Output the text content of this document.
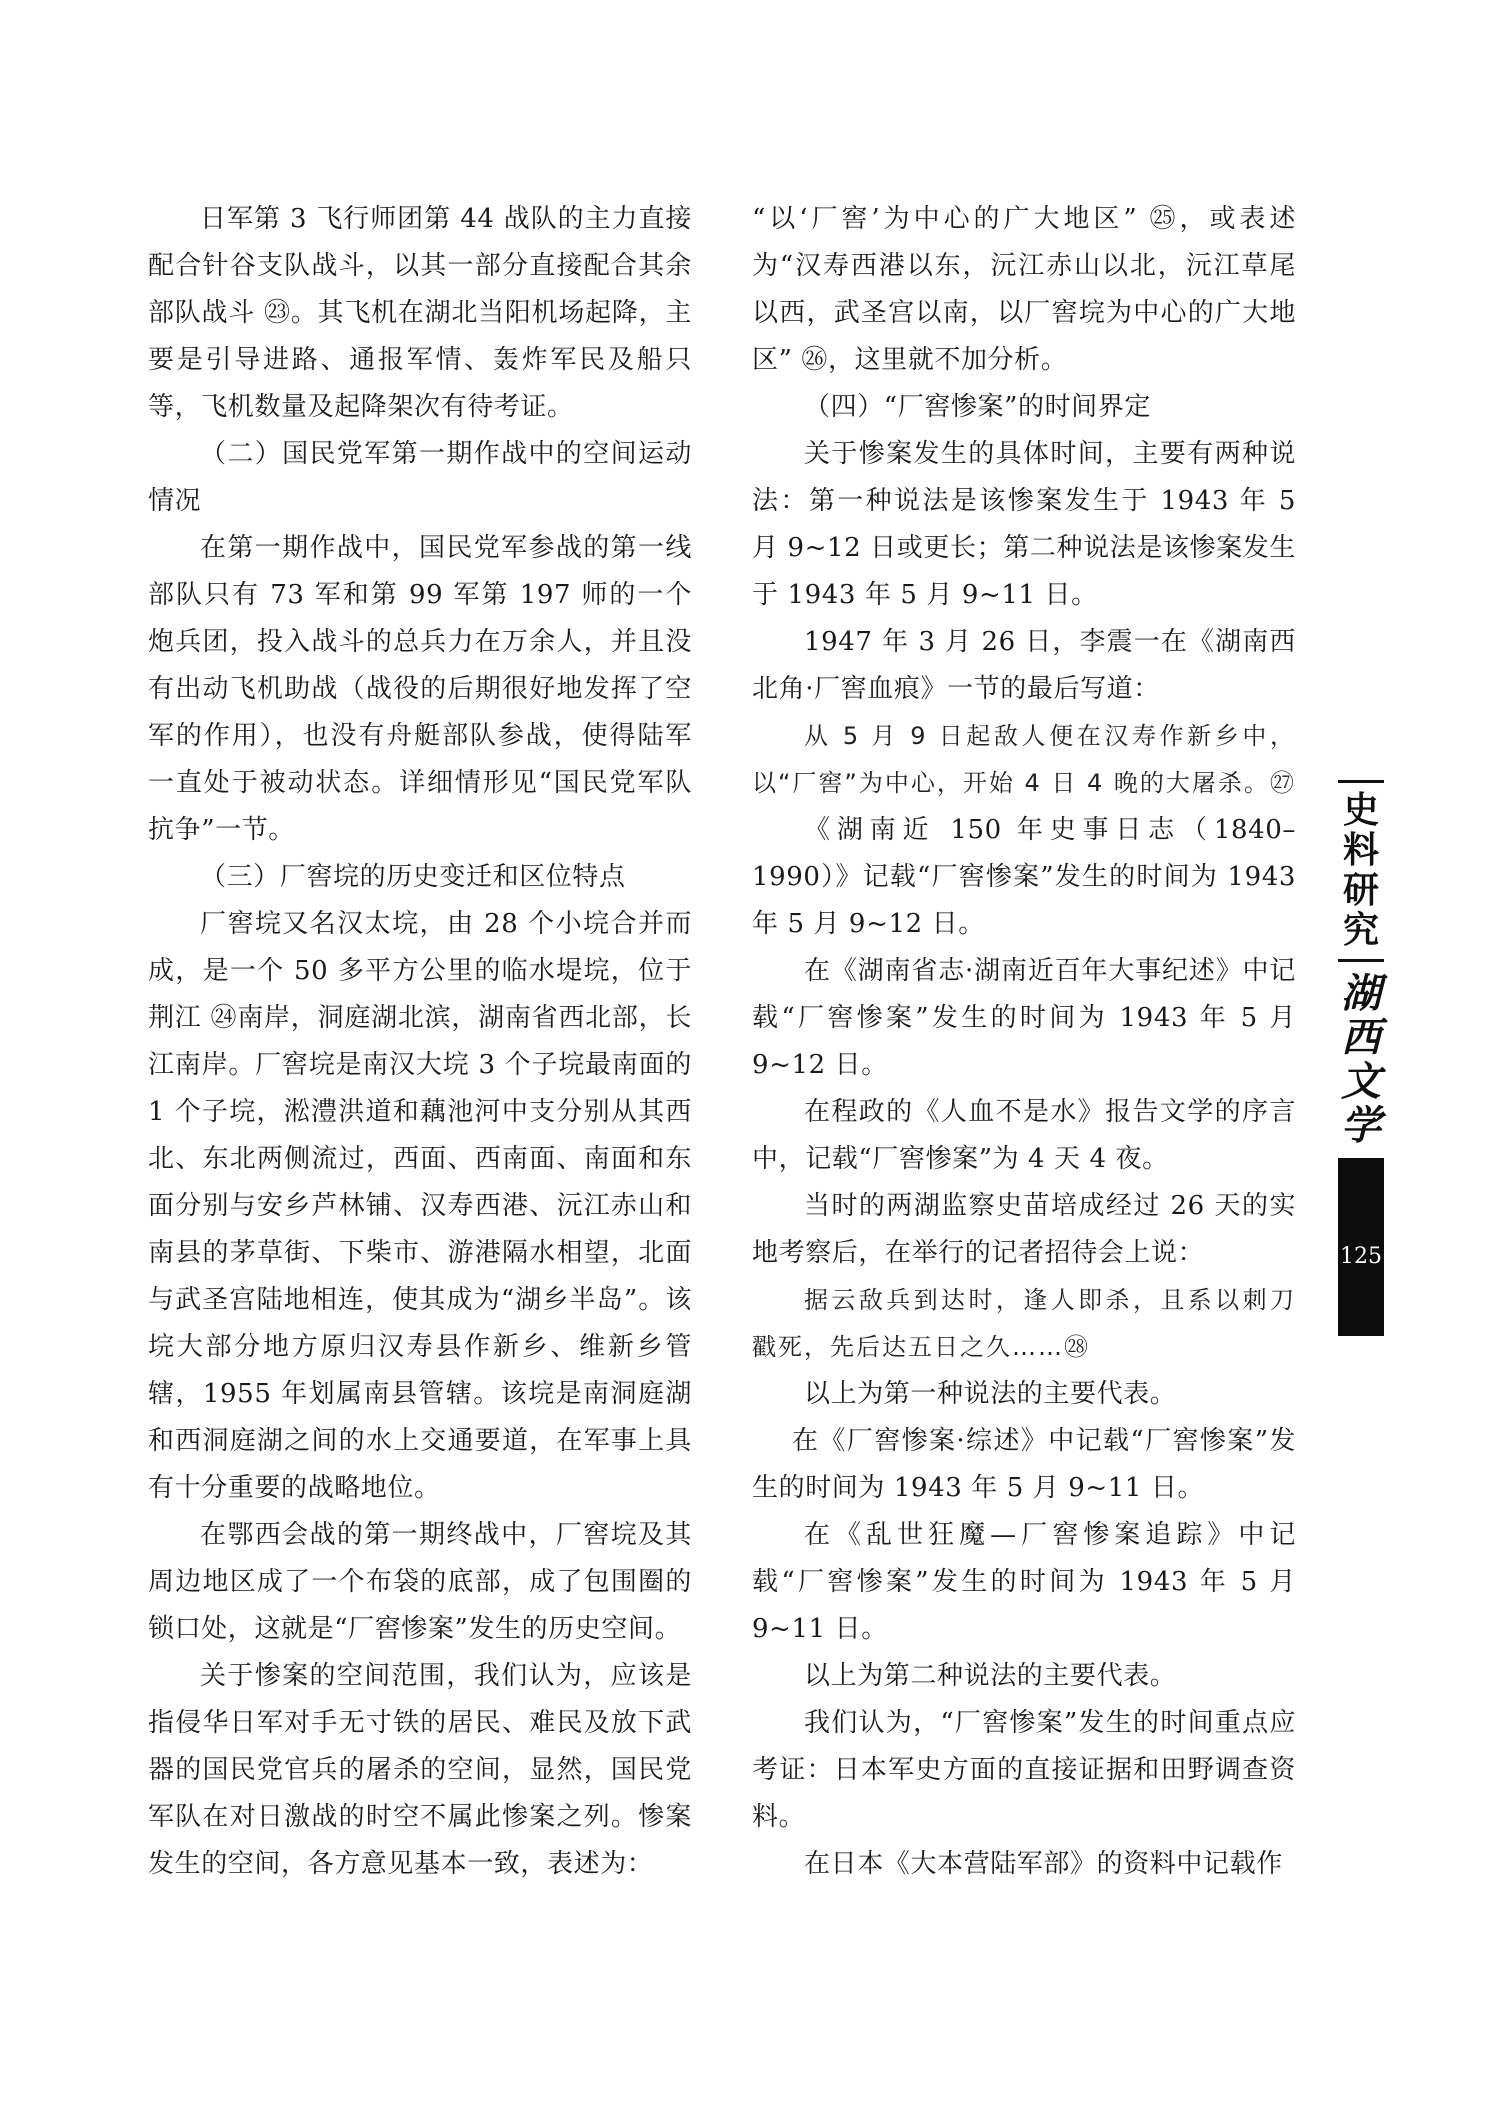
日军第 3 飞行师团第 44 战队的主力直接配合针谷支队战斗，以其一部分直接配合其余部队战斗 ㉓。其飞机在湖北当阳机场起降，主要是引导进路、通报军情、轰炸军民及船只等，飞机数量及起降架次有待考证。

（二）国民党军第一期作战中的空间运动情况

在第一期作战中，国民党军参战的第一线部队只有 73 军和第 99 军第 197 师的一个炮兵团，投入战斗的总兵力在万余人，并且没有出动飞机助战（战役的后期很好地发挥了空军的作用），也没有舟艇部队参战，使得陆军一直处于被动状态。详细情形见“国民党军队抗争”一节。

（三）厂窖垸的历史变迁和区位特点

厂窖垸又名汉太垸，由 28 个小垸合并而成，是一个 50 多平方公里的临水堤垸，位于荆江 ㉔南岸，洞庭湖北滨，湖南省西北部，长江南岸。厂窖垸是南汉大垸 3 个子垸最南面的 1 个子垸，淞澧洪道和藕池河中支分别从其西北、东北两侧流过，西面、西南面、南面和东面分别与安乡芦林铺、汉寿西港、沅江赤山和南县的茅草街、下柴市、游港隔水相望，北面与武圣宫陆地相连，使其成为“湖乡半岛”。该垸大部分地方原归汉寿县作新乡、维新乡管辖，1955 年划属南县管辖。该垸是南洞庭湖和西洞庭湖之间的水上交通要道，在军事上具有十分重要的战略地位。

在鄂西会战的第一期终战中，厂窖垸及其周边地区成了一个布袋的底部，成了包围圈的锁口处，这就是“厂窖惨案”发生的历史空间。

关于惨案的空间范围，我们认为，应该是指侵华日军对手无寸铁的居民、难民及放下武器的国民党官兵的屠杀的空间，显然，国民党军队在对日激战的时空不属此惨案之列。惨案发生的空间，各方意见基本一致，表述为：

“以‘厂窖’为中心的广大地区” ㉕，或表述为“汉寿西港以东，沅江赤山以北，沅江草尾以西，武圣宫以南，以厂窖垸为中心的广大地区” ㉖，这里就不加分析。

（四）“厂窖惨案”的时间界定

关于惨案发生的具体时间，主要有两种说法：第一种说法是该惨案发生于 1943 年 5 月 9~12 日或更长；第二种说法是该惨案发生于 1943 年 5 月 9~11 日。

1947 年 3 月 26 日，李震一在《湖南西北角·厂窖血痕》一节的最后写道：

从 5 月 9 日起敌人便在汉寿作新乡中，以“厂窖”为中心，开始 4 日 4 晚的大屠杀。㉗

《湖南近 150 年史事日志（1840–1990）》记载“厂窖惨案”发生的时间为 1943 年 5 月 9~12 日。

在《湖南省志·湖南近百年大事纪述》中记载“厂窖惨案”发生的时间为 1943 年 5 月 9~12 日。

在程政的《人血不是水》报告文学的序言中，记载“厂窖惨案”为 4 天 4 夜。

当时的两湖监察史苗培成经过 26 天的实地考察后，在举行的记者招待会上说：

据云敌兵到达时，逢人即杀，且系以刺刀戳死，先后达五日之久……㉘

以上为第一种说法的主要代表。

在《厂窖惨案·综述》中记载“厂窖惨案”发生的时间为 1943 年 5 月 9~11 日。

在《乱世狂魔—厂窖惨案追踪》中记载“厂窖惨案”发生的时间为 1943 年 5 月 9~11 日。

以上为第二种说法的主要代表。

我们认为，“厂窖惨案”发生的时间重点应考证：日本军史方面的直接证据和田野调查资料。

在日本《大本营陆军部》的资料中记载作

史
料
研
究
湖
西
文
学
125
